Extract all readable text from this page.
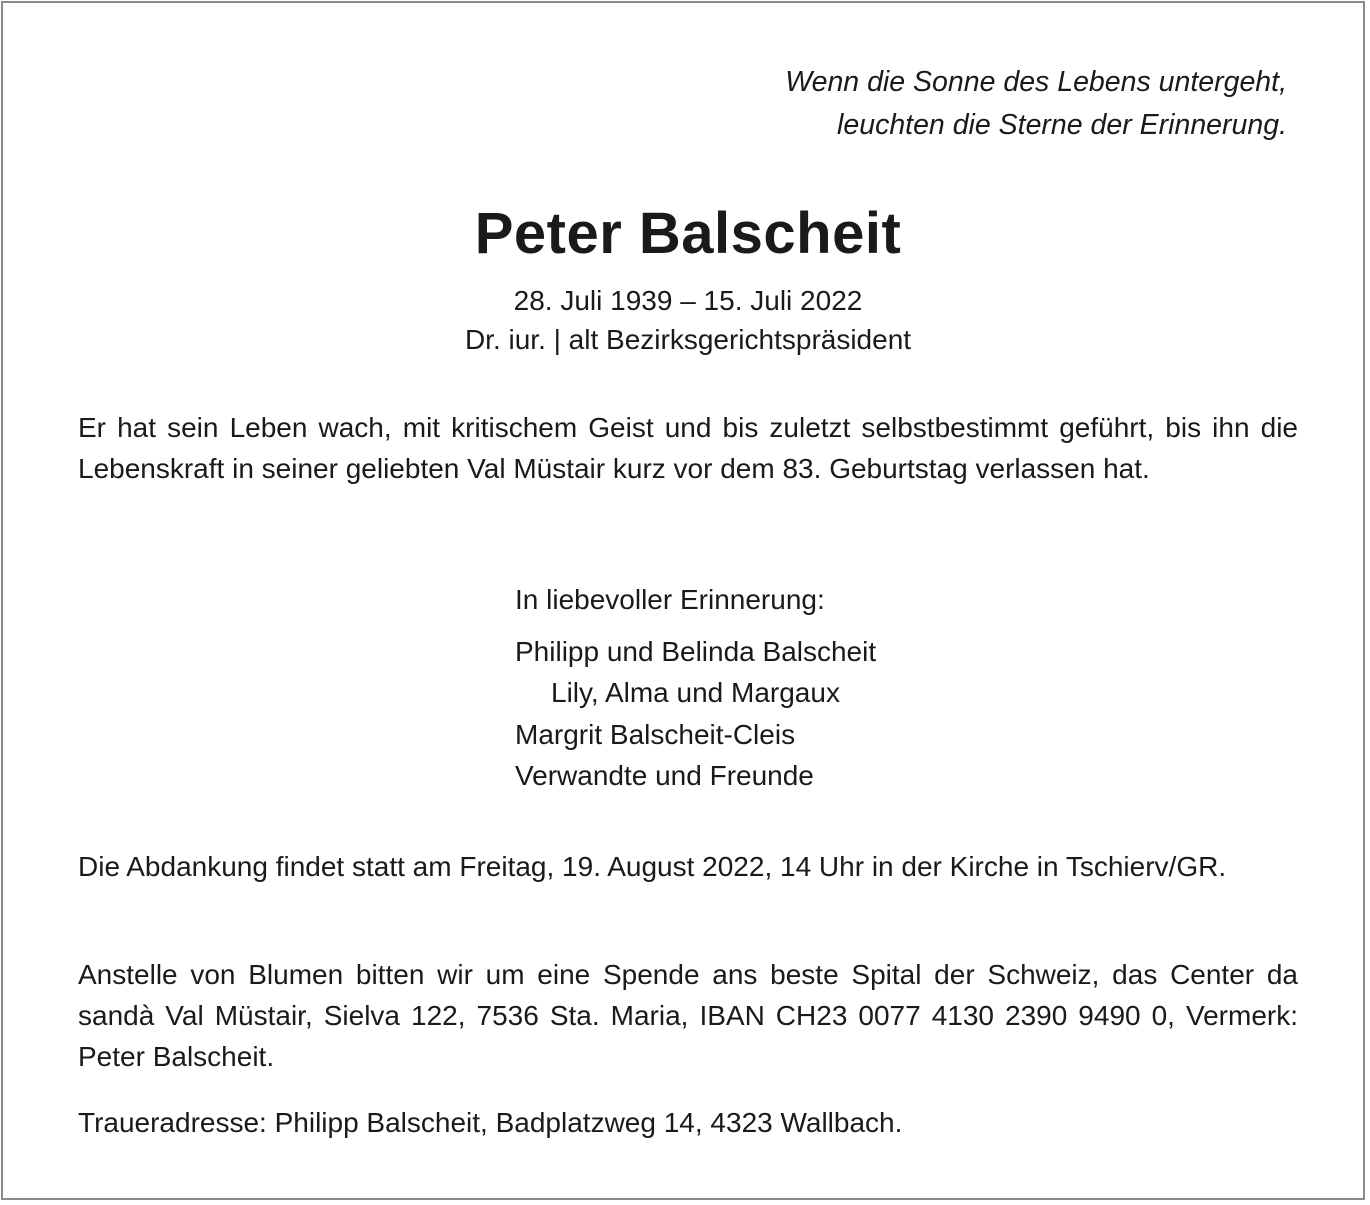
Wenn die Sonne des Lebens untergeht,
leuchten die Sterne der Erinnerung.
Peter Balscheit
28. Juli 1939 – 15. Juli 2022
Dr. iur. | alt Bezirksgerichtspräsident

Er hat sein Leben wach, mit kritischem Geist und bis zuletzt selbstbestimmt geführt, bis ihn die Lebenskraft in seiner geliebten Val Müstair kurz vor dem 83. Geburtstag verlassen hat.

In liebevoller Erinnerung:
Philipp und Belinda Balscheit
Lily, Alma und Margaux
Margrit Balscheit-Cleis
Verwandte und Freunde

Die Abdankung findet statt am Freitag, 19. August 2022, 14 Uhr in der Kirche in Tschierv/GR.

Anstelle von Blumen bitten wir um eine Spende ans beste Spital der Schweiz, das Center da sandà Val Müstair, Sielva 122, 7536 Sta. Maria, IBAN CH23 0077 4130 2390 9490 0, Vermerk: Peter Balscheit.

Traueradresse: Philipp Balscheit, Badplatzweg 14, 4323 Wallbach.
